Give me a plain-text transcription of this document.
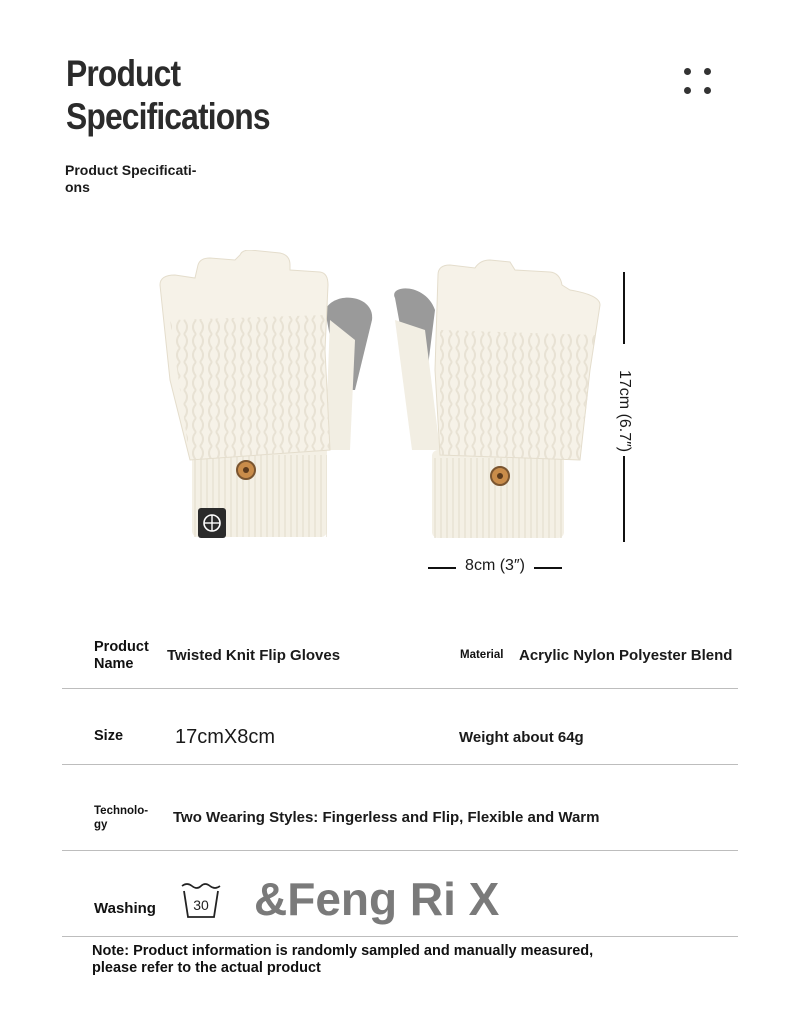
Product
Specifications
Product Specificati- ons
17cm (6.7″)
8cm (3″)
Product Name	Twisted Knit Flip Gloves	Material Acrylic Nylon Polyester Blend
Size	17cmX8cm	Weight about 64g
Technolo- gy	Two Wearing Styles: Fingerless and Flip, Flexible and Warm
Washing	30 &Feng Ri X
Note: Product information is randomly sampled and manually measured, please refer to the actual product
